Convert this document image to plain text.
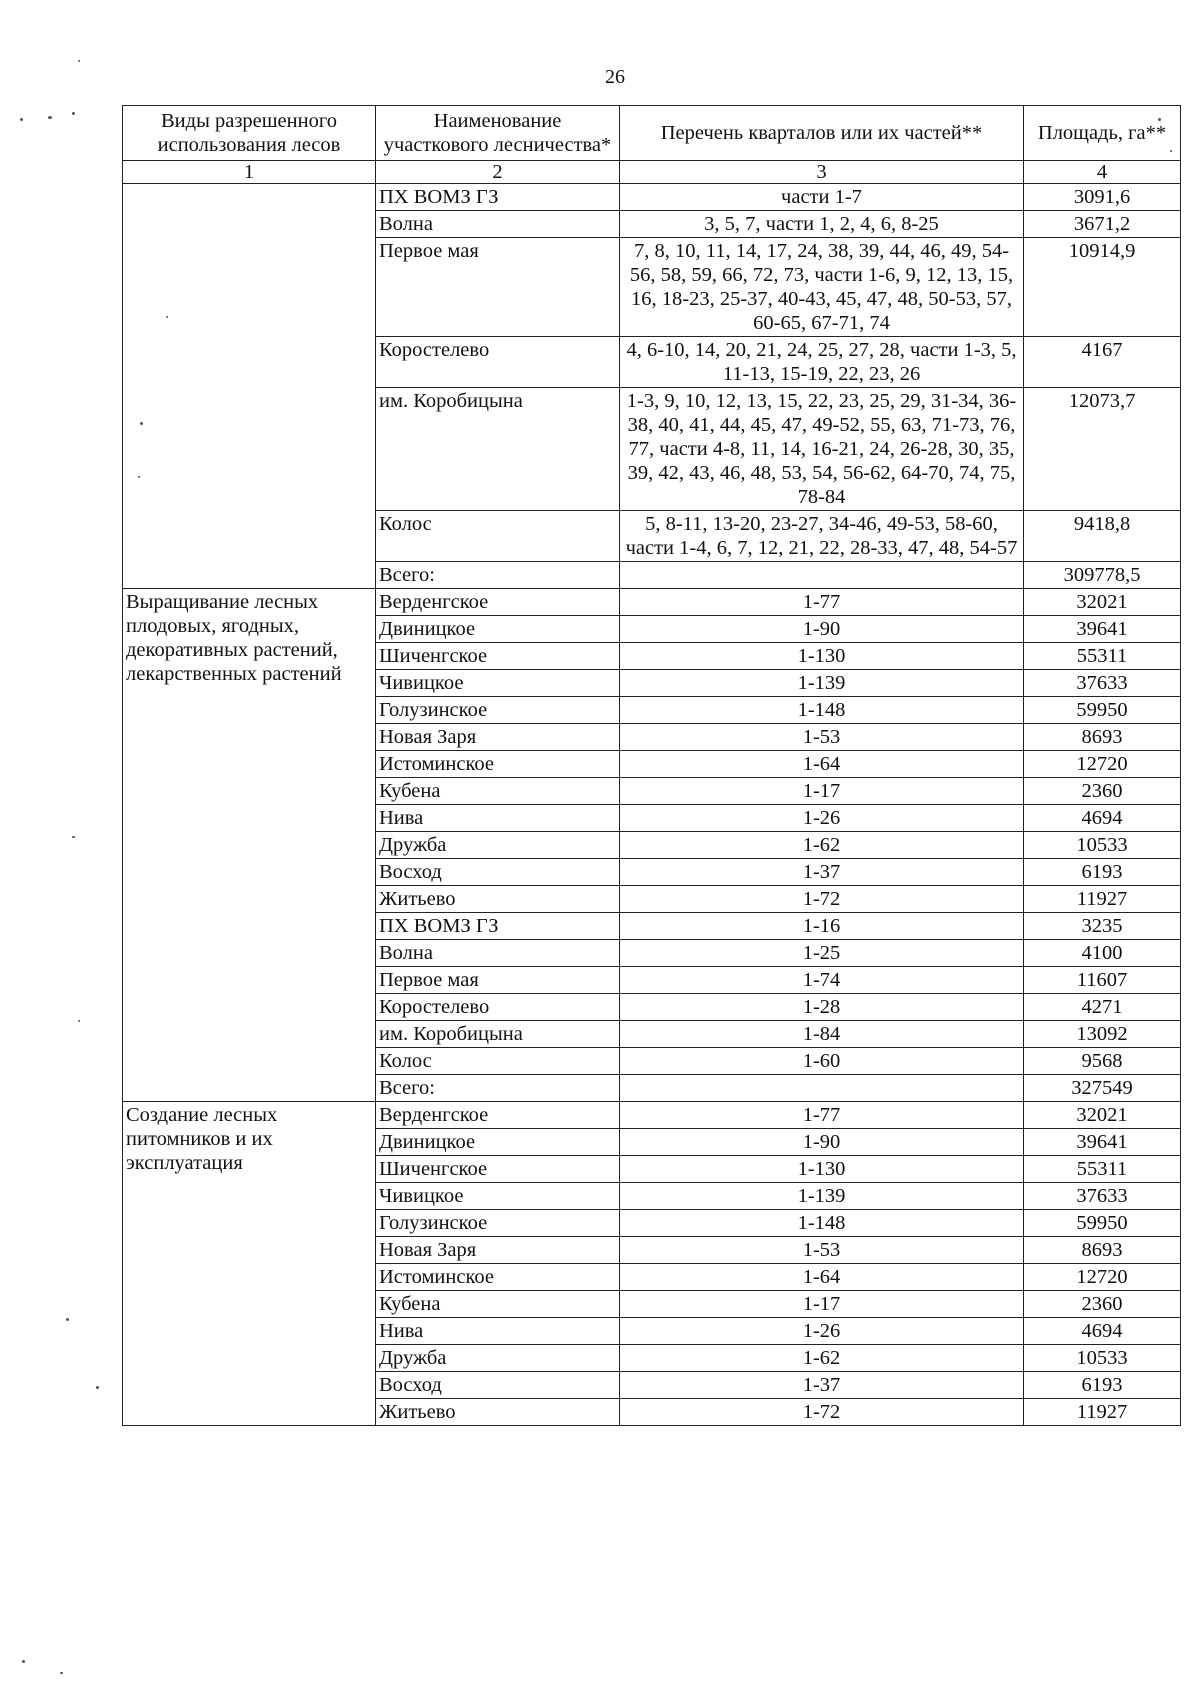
26
Виды разрешенного использования лесов	Наименование участкового лесничества*	Перечень кварталов или их частей**	Площадь, га**
1	2	3	4
	ПХ ВОМЗ ГЗ	части 1-7	3091,6
	Волна	3, 5, 7, части 1, 2, 4, 6, 8-25	3671,2
	Первое мая	7, 8, 10, 11, 14, 17, 24, 38, 39, 44, 46, 49, 54-56, 58, 59, 66, 72, 73, части 1-6, 9, 12, 13, 15, 16, 18-23, 25-37, 40-43, 45, 47, 48, 50-53, 57, 60-65, 67-71, 74	10914,9
	Коростелево	4, 6-10, 14, 20, 21, 24, 25, 27, 28, части 1-3, 5, 11-13, 15-19, 22, 23, 26	4167
	им. Коробицына	1-3, 9, 10, 12, 13, 15, 22, 23, 25, 29, 31-34, 36-38, 40, 41, 44, 45, 47, 49-52, 55, 63, 71-73, 76, 77, части 4-8, 11, 14, 16-21, 24, 26-28, 30, 35, 39, 42, 43, 46, 48, 53, 54, 56-62, 64-70, 74, 75, 78-84	12073,7
	Колос	5, 8-11, 13-20, 23-27, 34-46, 49-53, 58-60, части 1-4, 6, 7, 12, 21, 22, 28-33, 47, 48, 54-57	9418,8
	Всего:		309778,5
Выращивание лесных плодовых, ягодных, декоративных растений, лекарственных растений	Верденгское	1-77	32021
	Двиницкое	1-90	39641
	Шиченгское	1-130	55311
	Чивицкое	1-139	37633
	Голузинское	1-148	59950
	Новая Заря	1-53	8693
	Истоминское	1-64	12720
	Кубена	1-17	2360
	Нива	1-26	4694
	Дружба	1-62	10533
	Восход	1-37	6193
	Житьево	1-72	11927
	ПХ ВОМЗ ГЗ	1-16	3235
	Волна	1-25	4100
	Первое мая	1-74	11607
	Коростелево	1-28	4271
	им. Коробицына	1-84	13092
	Колос	1-60	9568
	Всего:		327549
Создание лесных питомников и их эксплуатация	Верденгское	1-77	32021
	Двиницкое	1-90	39641
	Шиченгское	1-130	55311
	Чивицкое	1-139	37633
	Голузинское	1-148	59950
	Новая Заря	1-53	8693
	Истоминское	1-64	12720
	Кубена	1-17	2360
	Нива	1-26	4694
	Дружба	1-62	10533
	Восход	1-37	6193
	Житьево	1-72	11927
